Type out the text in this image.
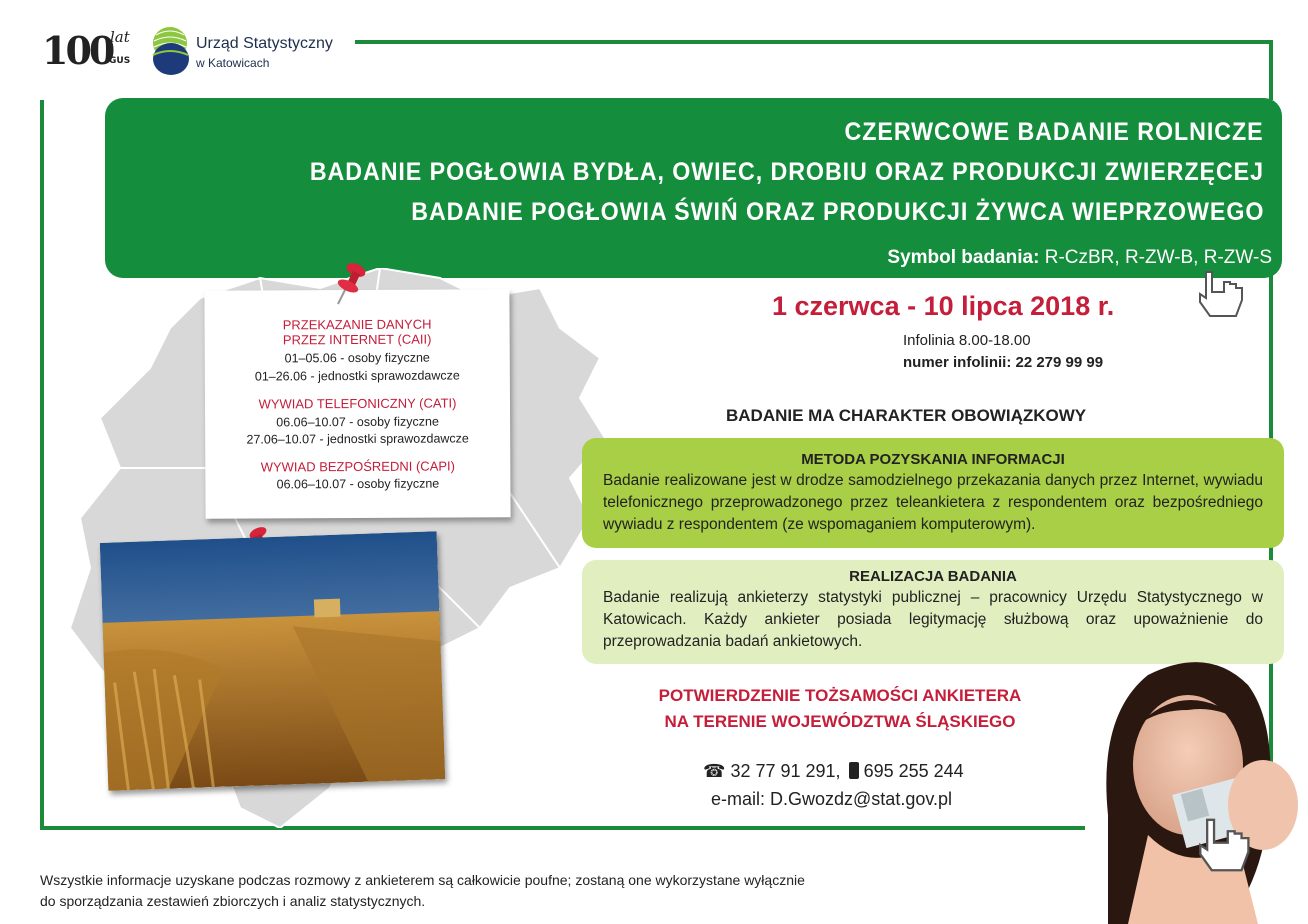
100
lat
GUS
Urząd Statystyczny
w Katowicach
CZERWCOWE BADANIE ROLNICZE
BADANIE POGŁOWIA BYDŁA, OWIEC, DROBIU ORAZ PRODUKCJI ZWIERZĘCEJ
BADANIE POGŁOWIA ŚWIŃ ORAZ PRODUKCJI ŻYWCA WIEPRZOWEGO
Symbol badania: R-CzBR, R-ZW-B, R-ZW-S
PRZEKAZANIE DANYCH
PRZEZ INTERNET (CAII)
01–05.06 - osoby fizyczne
01–26.06 - jednostki sprawozdawcze
WYWIAD TELEFONICZNY (CATI)
06.06–10.07 - osoby fizyczne
27.06–10.07 - jednostki sprawozdawcze
WYWIAD BEZPOŚREDNI (CAPI)
06.06–10.07 - osoby fizyczne
1 czerwca - 10 lipca 2018 r.
Infolinia 8.00-18.00
numer infolinii: 22 279 99 99
BADANIE MA CHARAKTER OBOWIĄZKOWY
METODA POZYSKANIA INFORMACJI
Badanie realizowane jest w drodze samodzielnego przekazania danych przez Internet, wywiadu telefonicznego przeprowadzonego przez teleankietera z respondentem oraz bezpośredniego wywiadu z respondentem (ze wspomaganiem komputerowym).
REALIZACJA BADANIA
Badanie realizują ankieterzy statystyki publicznej – pracownicy Urzędu Statystycznego w Katowicach. Każdy ankieter posiada legitymację służbową oraz upoważnienie do przeprowadzania badań ankietowych.
POTWIERDZENIE TOŻSAMOŚCI ANKIETERA
NA TERENIE WOJEWÓDZTWA ŚLĄSKIEGO
☎ 32 77 91 291, 695 255 244
e-mail: D.Gwozdz@stat.gov.pl
Wszystkie informacje uzyskane podczas rozmowy z ankieterem są całkowicie poufne; zostaną one wykorzystane wyłącznie
do sporządzania zestawień zbiorczych i analiz statystycznych.
